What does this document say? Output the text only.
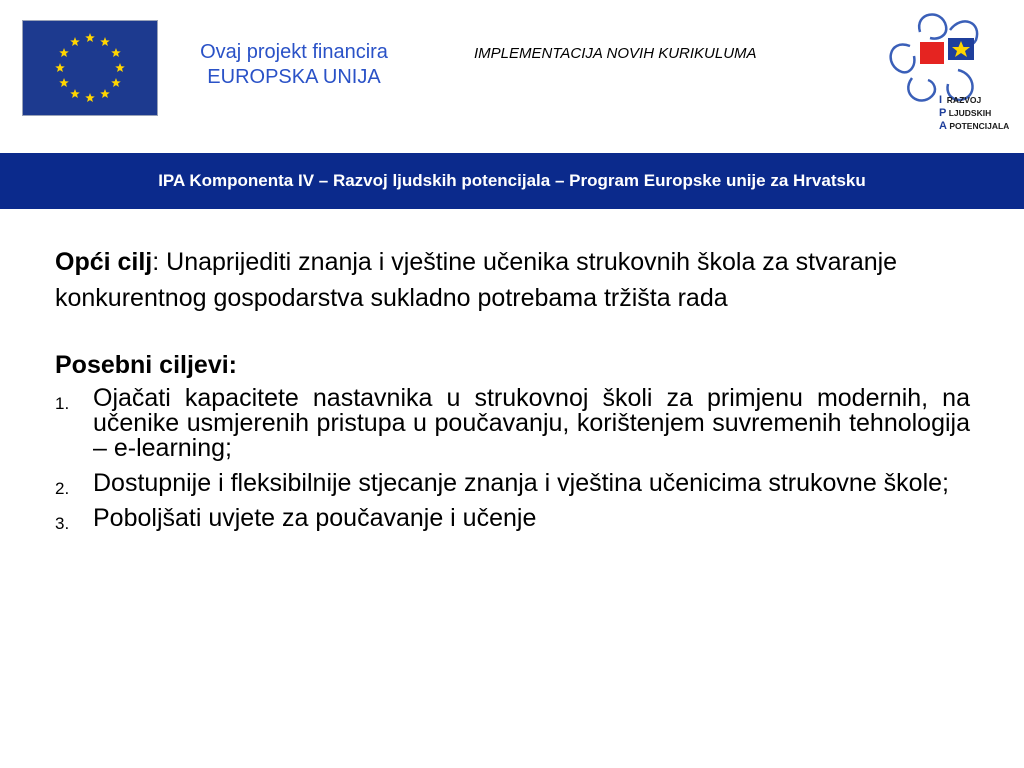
Ovaj projekt financira
EUROPSKA UNIJA
IMPLEMENTACIJA NOVIH KURIKULUMA
I RAZVOJ
P LJUDSKIH
A POTENCIJALA
IPA Komponenta IV – Razvoj ljudskih potencijala – Program Europske unije za Hrvatsku

Opći cilj: Unaprijediti znanja i vještine učenika strukovnih škola za stvaranje konkurentnog gospodarstva sukladno potrebama tržišta rada

Posebni ciljevi:
1. Ojačati kapacitete nastavnika u strukovnoj školi za primjenu modernih, na učenike usmjerenih pristupa u poučavanju, korištenjem suvremenih tehnologija – e-learning;
2. Dostupnije i fleksibilnije stjecanje znanja i vještina učenicima strukovne škole;
3. Poboljšati uvjete za poučavanje i učenje
